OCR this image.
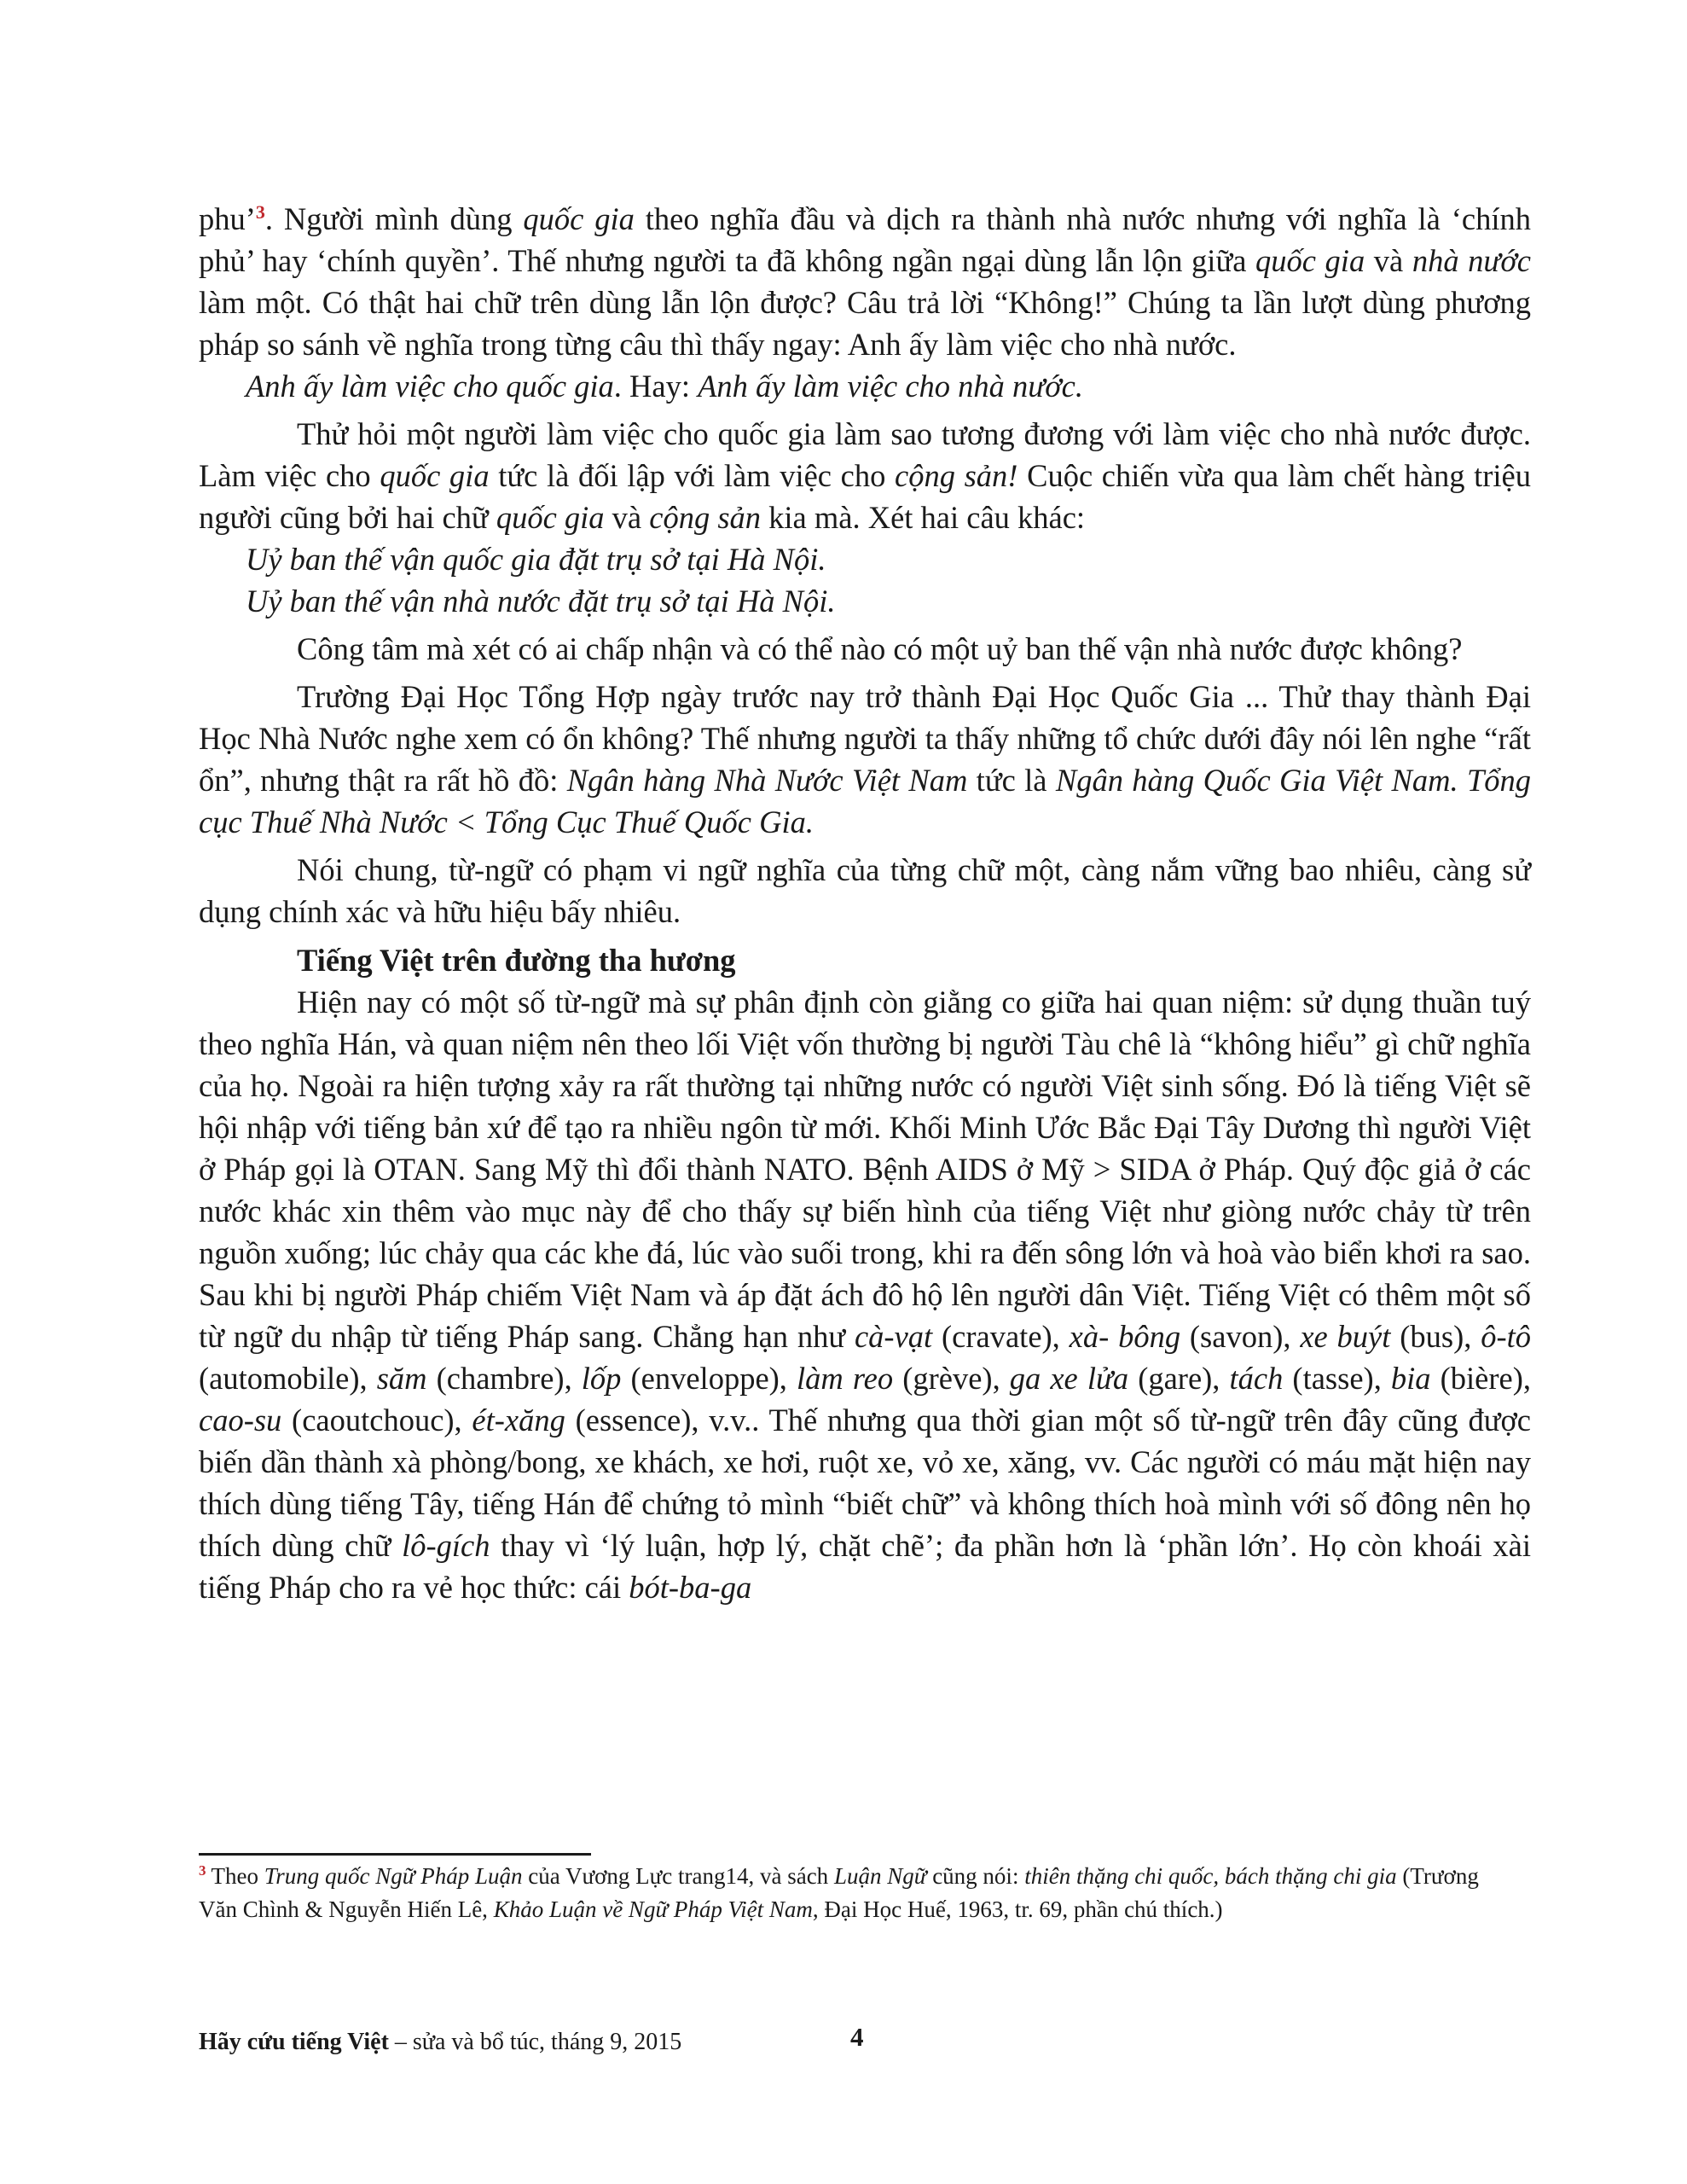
phu’$^3$. Người mình dùng quốc gia theo nghĩa đầu và dịch ra thành nhà nước nhưng với nghĩa là ‘chính phủ’ hay ‘chính quyền’. Thế nhưng người ta đã không ngần ngại dùng lẫn lộn giữa quốc gia và nhà nước làm một. Có thật hai chữ trên dùng lẫn lộn được? Câu trả lời “Không!” Chúng ta lần lượt dùng phương pháp so sánh về nghĩa trong từng câu thì thấy ngay: Anh ấy làm việc cho nhà nước.

Anh ấy làm việc cho quốc gia. Hay: Anh ấy làm việc cho nhà nước.

Thử hỏi một người làm việc cho quốc gia làm sao tương đương với làm việc cho nhà nước được. Làm việc cho quốc gia tức là đối lập với làm việc cho cộng sản! Cuộc chiến vừa qua làm chết hàng triệu người cũng bởi hai chữ quốc gia và cộng sản kia mà. Xét hai câu khác:

Uỷ ban thế vận quốc gia đặt trụ sở tại Hà Nội.

Uỷ ban thế vận nhà nước đặt trụ sở tại Hà Nội.

Công tâm mà xét có ai chấp nhận và có thể nào có một uỷ ban thế vận nhà nước được không?

Trường Đại Học Tổng Hợp ngày trước nay trở thành Đại Học Quốc Gia ... Thử thay thành Đại Học Nhà Nước nghe xem có ổn không? Thế nhưng người ta thấy những tổ chức dưới đây nói lên nghe “rất ổn”, nhưng thật ra rất hồ đồ: Ngân hàng Nhà Nước Việt Nam tức là Ngân hàng Quốc Gia Việt Nam. Tổng cục Thuế Nhà Nước < Tổng Cục Thuế Quốc Gia.

Nói chung, từ-ngữ có phạm vi ngữ nghĩa của từng chữ một, càng nắm vững bao nhiêu, càng sử dụng chính xác và hữu hiệu bấy nhiêu.

Tiếng Việt trên đường tha hương

Hiện nay có một số từ-ngữ mà sự phân định còn giằng co giữa hai quan niệm: sử dụng thuần tuý theo nghĩa Hán, và quan niệm nên theo lối Việt vốn thường bị người Tàu chê là “không hiểu” gì chữ nghĩa của họ. Ngoài ra hiện tượng xảy ra rất thường tại những nước có người Việt sinh sống. Đó là tiếng Việt sẽ hội nhập với tiếng bản xứ để tạo ra nhiều ngôn từ mới. Khối Minh Ước Bắc Đại Tây Dương thì người Việt ở Pháp gọi là OTAN. Sang Mỹ thì đổi thành NATO. Bệnh AIDS ở Mỹ > SIDA ở Pháp. Quý độc giả ở các nước khác xin thêm vào mục này để cho thấy sự biến hình của tiếng Việt như giòng nước chảy từ trên nguồn xuống; lúc chảy qua các khe đá, lúc vào suối trong, khi ra đến sông lớn và hoà vào biển khơi ra sao. Sau khi bị người Pháp chiếm Việt Nam và áp đặt ách đô hộ lên người dân Việt. Tiếng Việt có thêm một số từ ngữ du nhập từ tiếng Pháp sang. Chẳng hạn như cà-vạt (cravate), xà- bông (savon), xe buýt (bus), ô-tô (automobile), săm (chambre), lốp (enveloppe), làm reo (grève), ga xe lửa (gare), tách (tasse), bia (bière), cao-su (caoutchouc), ét-xăng (essence), v.v.. Thế nhưng qua thời gian một số từ-ngữ trên đây cũng được biến dần thành xà phòng/bong, xe khách, xe hơi, ruột xe, vỏ xe, xăng, vv. Các người có máu mặt hiện nay thích dùng tiếng Tây, tiếng Hán để chứng tỏ mình “biết chữ” và không thích hoà mình với số đông nên họ thích dùng chữ lô-gích thay vì ‘lý luận, hợp lý, chặt chẽ’; đa phần hơn là ‘phần lớn’. Họ còn khoái xài tiếng Pháp cho ra vẻ học thức: cái bót-ba-ga

$^3$ Theo Trung quốc Ngữ Pháp Luận của Vương Lực trang14, và sách Luận Ngữ cũng nói: thiên thặng chi quốc, bách thặng chi gia (Trương Văn Chình & Nguyễn Hiến Lê, Khảo Luận về Ngữ Pháp Việt Nam, Đại Học Huế, 1963, tr. 69, phần chú thích.)

Hãy cứu tiếng Việt – sửa và bổ túc, tháng 9, 2015	4
